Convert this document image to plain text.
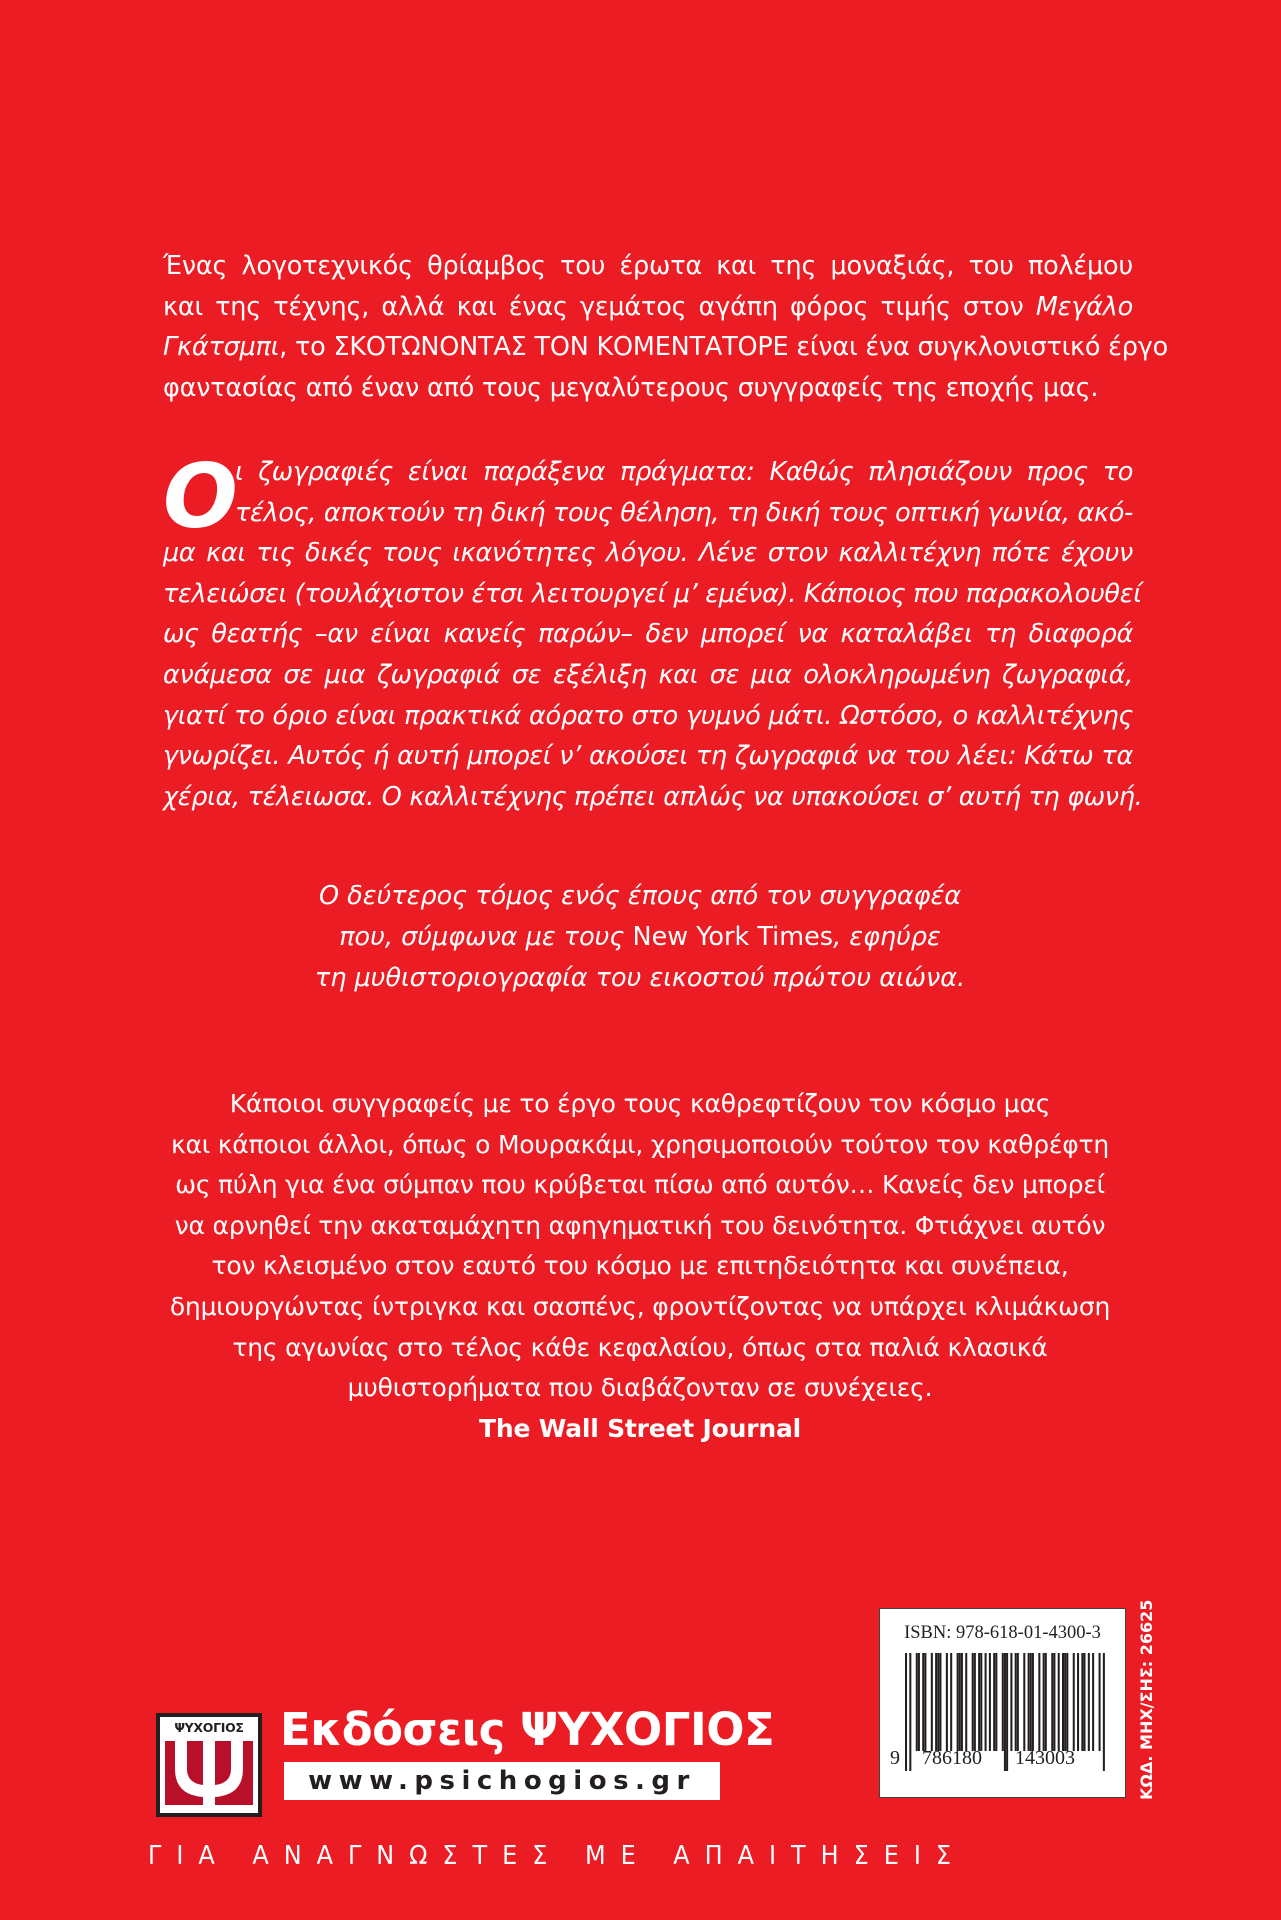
Ένας λογοτεχνικός θρίαμβος του έρωτα και της μοναξιάς, του πολέμου
και της τέχνης, αλλά και ένας γεμάτος αγάπη φόρος τιμής στον Μεγάλο
Γκάτσμπι, το ΣΚΟΤΩΝΟΝΤΑΣ ΤΟΝ ΚΟΜΕΝΤΑΤΟΡΕ είναι ένα συγκλονιστικό έργο
φαντασίας από έναν από τους μεγαλύτερους συγγραφείς της εποχής μας.
Ο
ι ζωγραφιές είναι παράξενα πράγματα: Καθώς πλησιάζουν προς το
τέλος, αποκτούν τη δική τους θέληση, τη δική τους οπτική γωνία, ακό-
μα και τις δικές τους ικανότητες λόγου. Λένε στον καλλιτέχνη πότε έχουν
τελειώσει (τουλάχιστον έτσι λειτουργεί μ’ εμένα). Κάποιος που παρακολουθεί
ως θεατής –αν είναι κανείς παρών– δεν μπορεί να καταλάβει τη διαφορά
ανάμεσα σε μια ζωγραφιά σε εξέλιξη και σε μια ολοκληρωμένη ζωγραφιά,
γιατί το όριο είναι πρακτικά αόρατο στο γυμνό μάτι. Ωστόσο, ο καλλιτέχνης
γνωρίζει. Αυτός ή αυτή μπορεί ν’ ακούσει τη ζωγραφιά να του λέει: Κάτω τα
χέρια, τέλειωσα. Ο καλλιτέχνης πρέπει απλώς να υπακούσει σ’ αυτή τη φωνή.
Ο δεύτερος τόμος ενός έπους από τον συγγραφέα
που, σύμφωνα με τους New York Times, εφηύρε
τη μυθιστοριογραφία του εικοστού πρώτου αιώνα.
Κάποιοι συγγραφείς με το έργο τους καθρεφτίζουν τον κόσμο μας
και κάποιοι άλλοι, όπως ο Μουρακάμι, χρησιμοποιούν τούτον τον καθρέφτη
ως πύλη για ένα σύμπαν που κρύβεται πίσω από αυτόν… Κανείς δεν μπορεί
να αρνηθεί την ακαταμάχητη αφηγηματική του δεινότητα. Φτιάχνει αυτόν
τον κλεισμένο στον εαυτό του κόσμο με επιτηδειότητα και συνέπεια,
δημιουργώντας ίντριγκα και σασπένς, φροντίζοντας να υπάρχει κλιμάκωση
της αγωνίας στο τέλος κάθε κεφαλαίου, όπως στα παλιά κλασικά
μυθιστορήματα που διαβάζονταν σε συνέχειες.
The Wall Street Journal
ΨΥΧΟΓΙΟΣ Εκδόσεις ΨΥΧΟΓΙΟΣ
www.psichogios.gr
ISBN: 978-618-01-4300-3
9 786180 143003	ΚΩΔ. ΜΗΧ/ΣΗΣ: 26625
ΓΙΑ ΑΝΑΓΝΩΣΤΕΣ ΜΕ ΑΠΑΙΤΗΣΕΙΣ
